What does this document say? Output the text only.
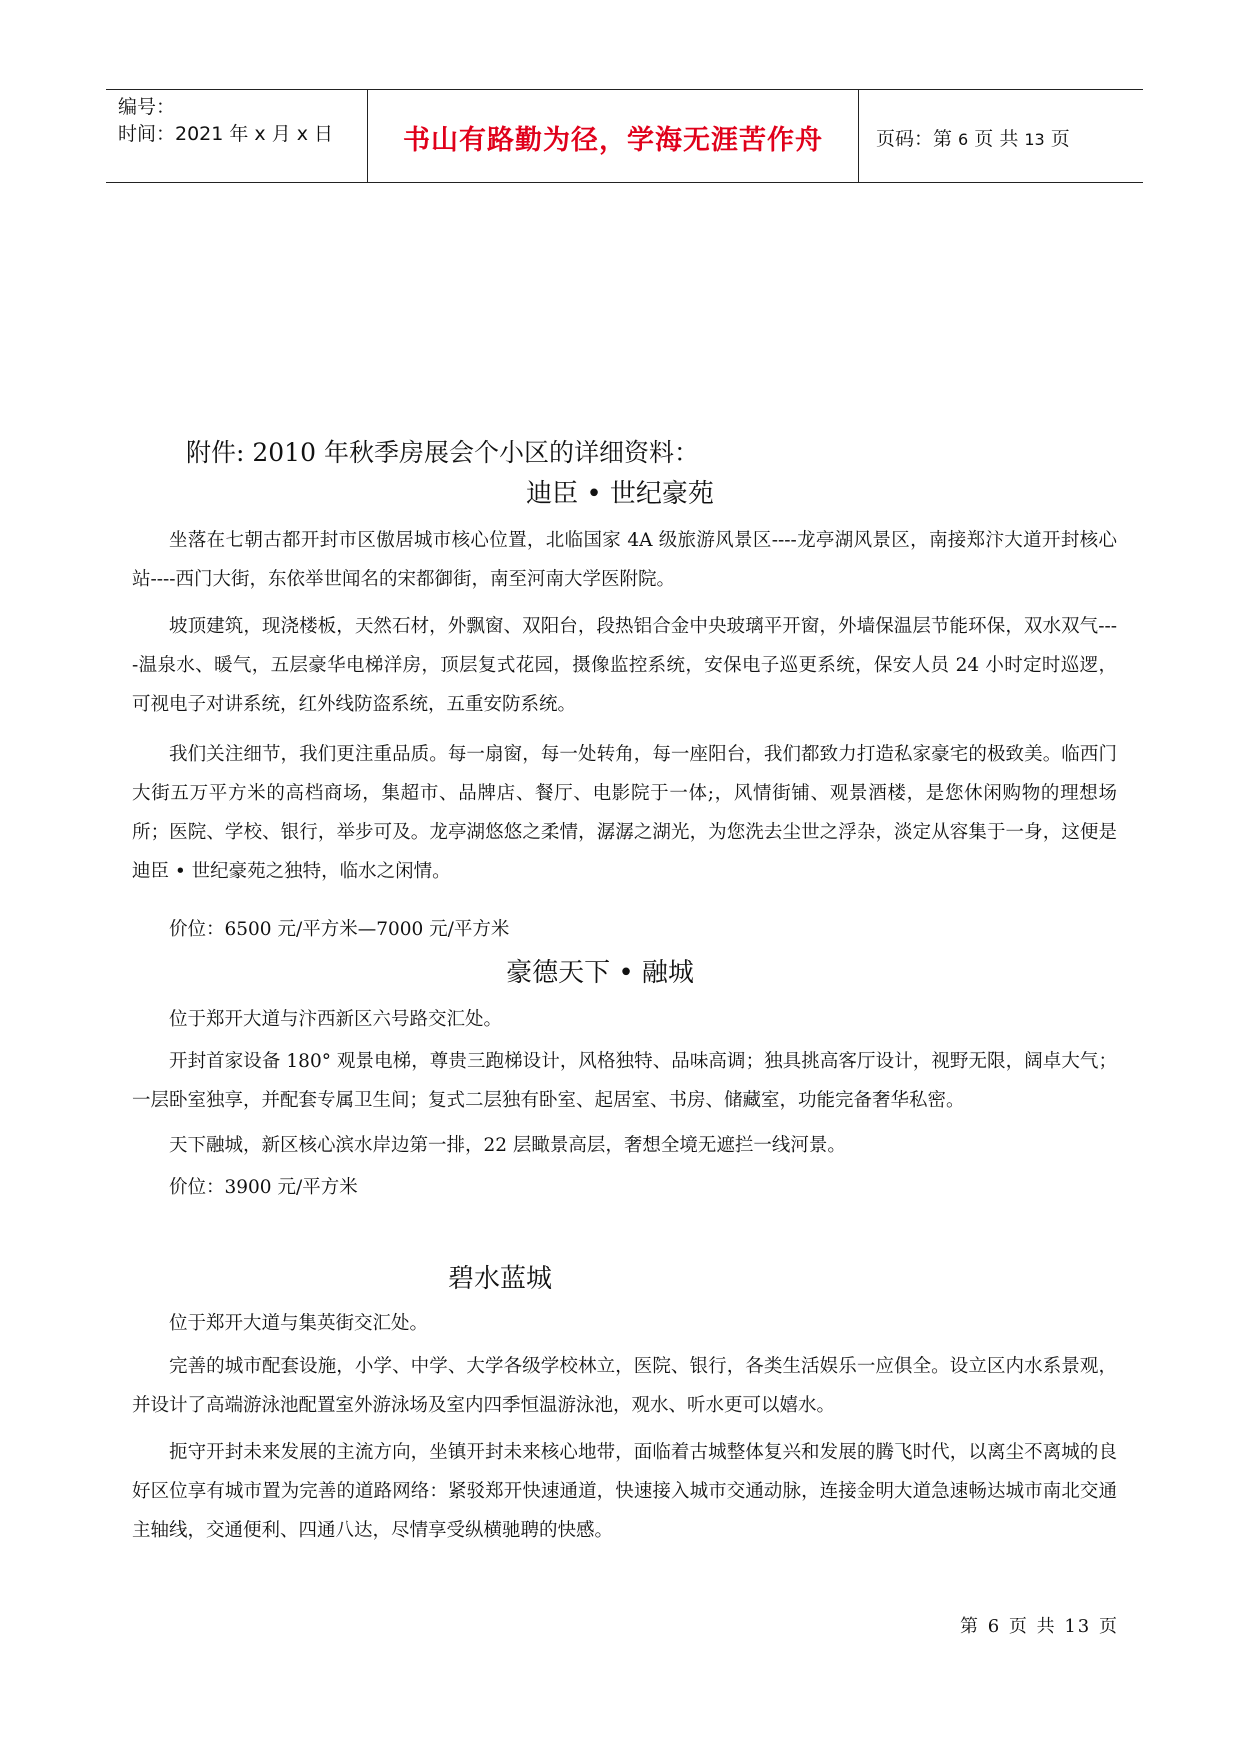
编号：
时间：2021 年 x 月 x 日	书山有路勤为径，学海无涯苦作舟	页码：第 6 页 共 13 页
附件: 2010 年秋季房展会个小区的详细资料：
迪臣 • 世纪豪苑

坐落在七朝古都开封市区傲居城市核心位置，北临国家 4A 级旅游风景区----龙亭湖风景区，南接郑汴大道开封核心站----西门大街，东依举世闻名的宋都御街，南至河南大学医附院。

坡顶建筑，现浇楼板，天然石材，外飘窗、双阳台，段热铝合金中央玻璃平开窗，外墙保温层节能环保，双水双气----温泉水、暖气，五层豪华电梯洋房，顶层复式花园，摄像监控系统，安保电子巡更系统，保安人员 24 小时定时巡逻，可视电子对讲系统，红外线防盗系统，五重安防系统。

我们关注细节，我们更注重品质。每一扇窗，每一处转角，每一座阳台，我们都致力打造私家豪宅的极致美。临西门大街五万平方米的高档商场，集超市、品牌店、餐厅、电影院于一体;，风情街铺、观景酒楼，是您休闲购物的理想场所；医院、学校、银行，举步可及。龙亭湖悠悠之柔情，潺潺之湖光，为您洗去尘世之浮杂，淡定从容集于一身，这便是迪臣 • 世纪豪苑之独特，临水之闲情。

价位：6500 元/平方米—7000 元/平方米

豪德天下 • 融城

位于郑开大道与汴西新区六号路交汇处。

开封首家设备 180° 观景电梯，尊贵三跑梯设计，风格独特、品味高调；独具挑高客厅设计，视野无限，阔卓大气；一层卧室独享，并配套专属卫生间；复式二层独有卧室、起居室、书房、储藏室，功能完备奢华私密。

天下融城，新区核心滨水岸边第一排，22 层瞰景高层，奢想全境无遮拦一线河景。

价位：3900 元/平方米

碧水蓝城

位于郑开大道与集英街交汇处。

完善的城市配套设施，小学、中学、大学各级学校林立，医院、银行，各类生活娱乐一应俱全。设立区内水系景观，并设计了高端游泳池配置室外游泳场及室内四季恒温游泳池，观水、听水更可以嬉水。

扼守开封未来发展的主流方向，坐镇开封未来核心地带，面临着古城整体复兴和发展的腾飞时代，以离尘不离城的良好区位享有城市置为完善的道路网络：紧驳郑开快速通道，快速接入城市交通动脉，连接金明大道急速畅达城市南北交通主轴线，交通便利、四通八达，尽情享受纵横驰聘的快感。

第 6 页 共 13 页
